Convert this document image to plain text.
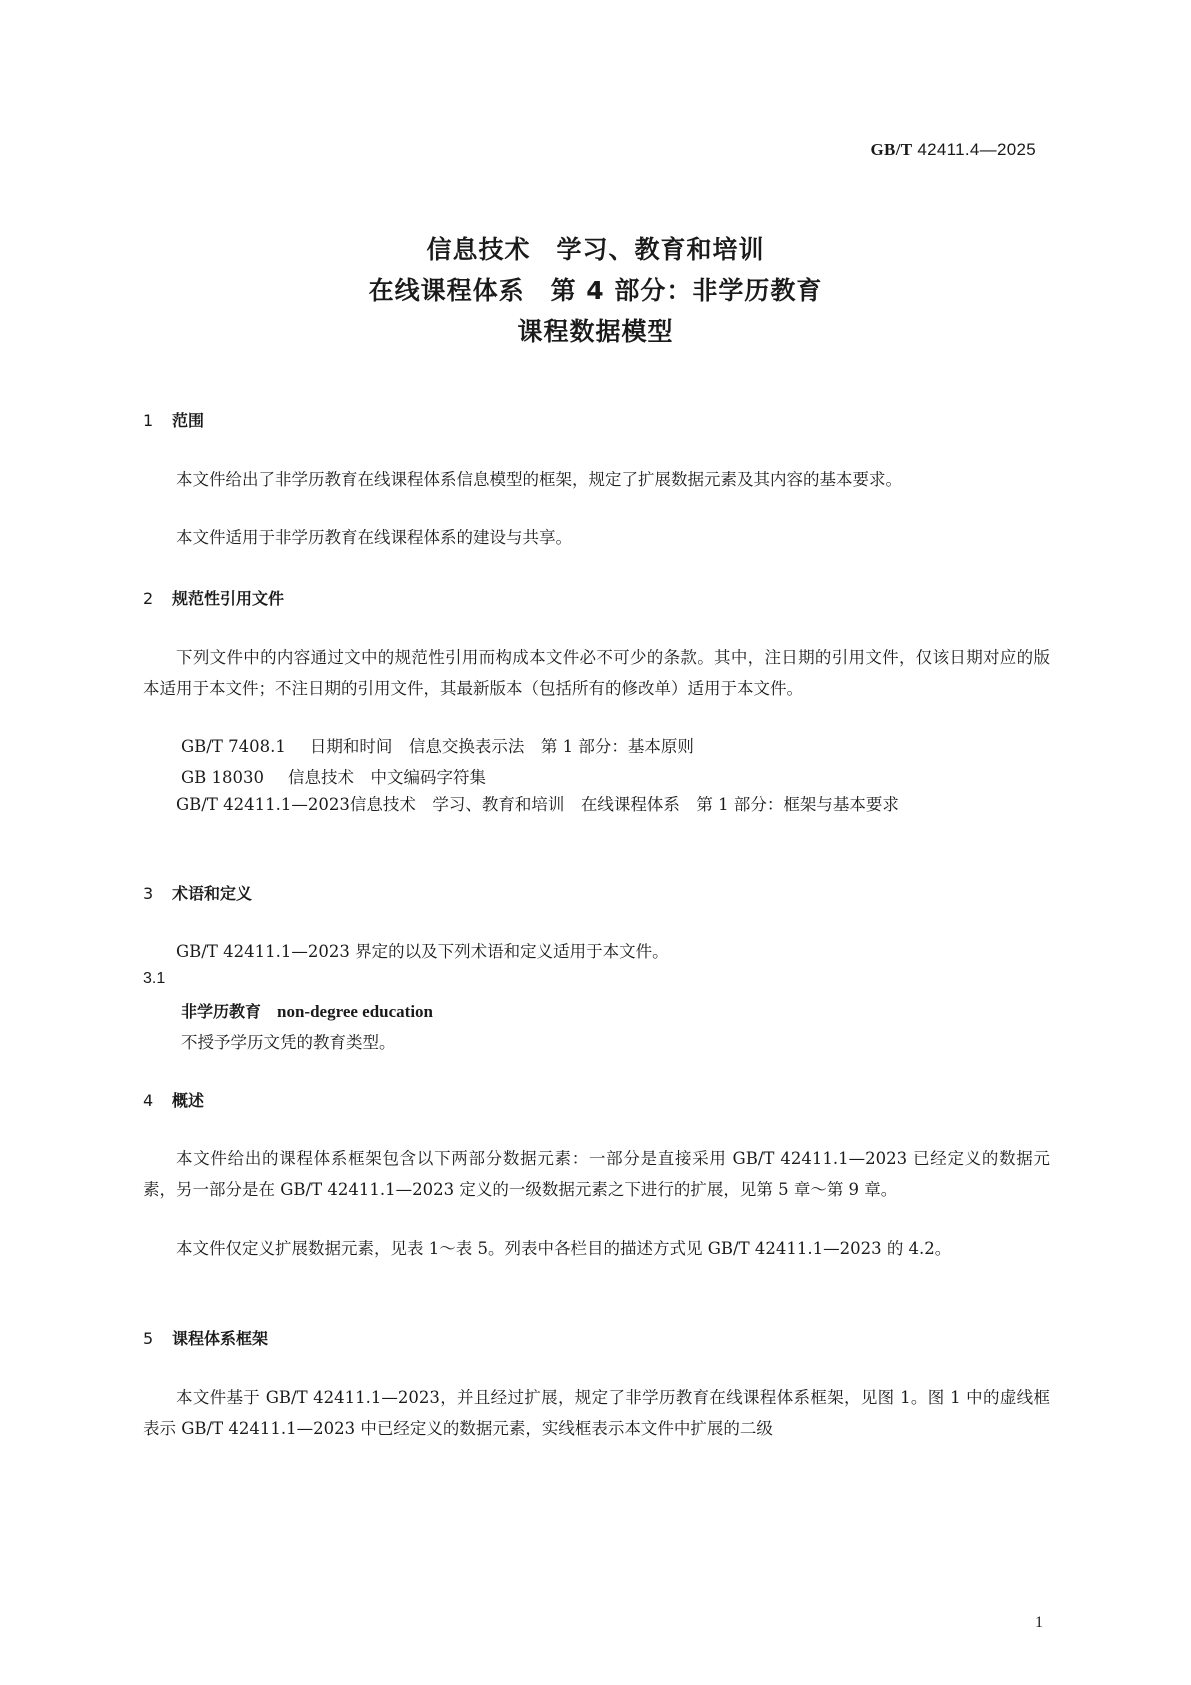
GB/T 42411.4—2025

信息技术 学习、教育和培训

在线课程体系 第 4 部分：非学历教育

课程数据模型

1 范围

本文件给出了非学历教育在线课程体系信息模型的框架，规定了扩展数据元素及其内容的基本要求。

本文件适用于非学历教育在线课程体系的建设与共享。

2 规范性引用文件

下列文件中的内容通过文中的规范性引用而构成本文件必不可少的条款。其中，注日期的引用文件，仅该日期对应的版本适用于本文件；不注日期的引用文件，其最新版本（包括所有的修改单）适用于本文件。

GB/T 7408.1 日期和时间　信息交换表示法　第 1 部分：基本原则
GB 18030 信息技术　中文编码字符集

GB/T 42411.1—2023信息技术　学习、教育和培训　在线课程体系　第 1 部分：框架与基本要求

3 术语和定义

GB/T 42411.1—2023 界定的以及下列术语和定义适用于本文件。

3.1
非学历教育 non-degree education
不授予学历文凭的教育类型。
4 概述

本文件给出的课程体系框架包含以下两部分数据元素：一部分是直接采用 GB/T 42411.1—2023 已经定义的数据元素，另一部分是在 GB/T 42411.1—2023 定义的一级数据元素之下进行的扩展，见第 5 章～第 9 章。

本文件仅定义扩展数据元素，见表 1～表 5。列表中各栏目的描述方式见 GB/T 42411.1—2023 的 4.2。

5 课程体系框架

本文件基于 GB/T 42411.1—2023，并且经过扩展，规定了非学历教育在线课程体系框架，见图 1。图 1 中的虚线框表示 GB/T 42411.1—2023 中已经定义的数据元素，实线框表示本文件中扩展的二级

1
